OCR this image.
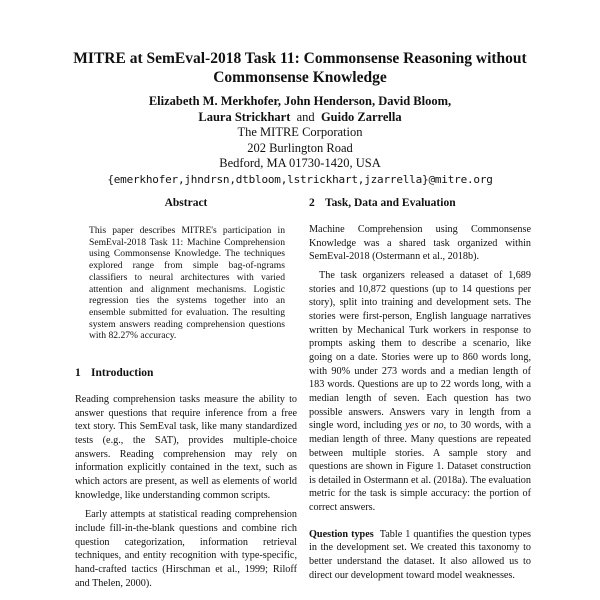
MITRE at SemEval-2018 Task 11: Commonsense Reasoning without
Commonsense Knowledge
Elizabeth M. Merkhofer, John Henderson, David Bloom,
Laura Strickhart and Guido Zarrella
The MITRE Corporation
202 Burlington Road
Bedford, MA 01730-1420, USA
{emerkhofer,jhndrsn,dtbloom,lstrickhart,jzarrella}@mitre.org
Abstract

This paper describes MITRE's participation in SemEval-2018 Task 11: Machine Comprehension using Commonsense Knowledge. The techniques explored range from simple bag-of-ngrams classifiers to neural architectures with varied attention and alignment mechanisms. Logistic regression ties the systems together into an ensemble submitted for evaluation. The resulting system answers reading comprehension questions with 82.27% accuracy.

1 Introduction

Reading comprehension tasks measure the ability to answer questions that require inference from a free text story. This SemEval task, like many standardized tests (e.g., the SAT), provides multiple-choice answers. Reading comprehension may rely on information explicitly contained in the text, such as which actors are present, as well as elements of world knowledge, like understanding common scripts.

Early attempts at statistical reading comprehension include fill-in-the-blank questions and combine rich question categorization, information retrieval techniques, and entity recognition with type-specific, hand-crafted tactics (Hirschman et al., 1999; Riloff and Thelen, 2000).

2 Task, Data and Evaluation

Machine Comprehension using Commonsense Knowledge was a shared task organized within SemEval-2018 (Ostermann et al., 2018b).

The task organizers released a dataset of 1,689 stories and 10,872 questions (up to 14 questions per story), split into training and development sets. The stories were first-person, English language narratives written by Mechanical Turk workers in response to prompts asking them to describe a scenario, like going on a date. Stories were up to 860 words long, with 90% under 273 words and a median length of 183 words. Questions are up to 22 words long, with a median length of seven. Each question has two possible answers. Answers vary in length from a single word, including yes or no, to 30 words, with a median length of three. Many questions are repeated between multiple stories. A sample story and questions are shown in Figure 1. Dataset construction is detailed in Ostermann et al. (2018a). The evaluation metric for the task is simple accuracy: the portion of correct answers.

Question types Table 1 quantifies the question types in the development set. We created this taxonomy to better understand the dataset. It also allowed us to direct our development toward model weaknesses.
